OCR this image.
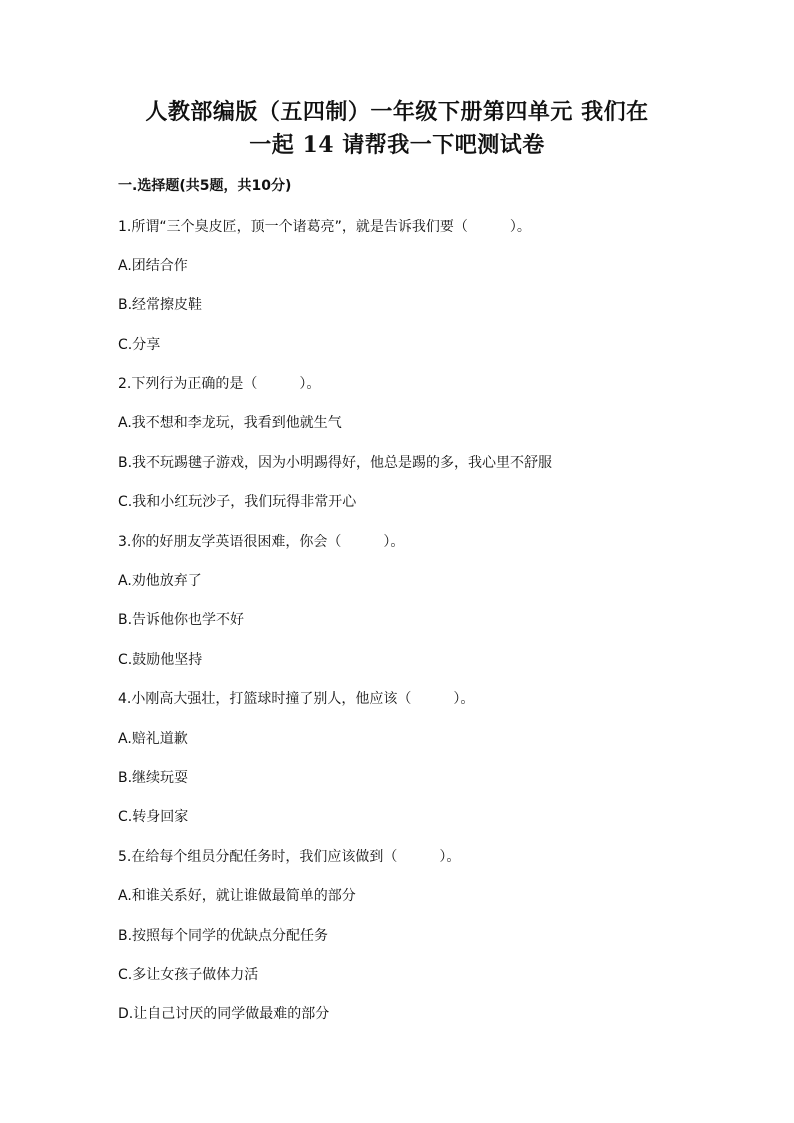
人教部编版（五四制）一年级下册第四单元 我们在
一起 14 请帮我一下吧测试卷
一.选择题(共5题，共10分)
1.所谓“三个臭皮匠，顶一个诸葛亮”，就是告诉我们要（　　　）。
A.团结合作
B.经常擦皮鞋
C.分享
2.下列行为正确的是（　　　）。
A.我不想和李龙玩，我看到他就生气
B.我不玩踢毽子游戏，因为小明踢得好，他总是踢的多，我心里不舒服
C.我和小红玩沙子，我们玩得非常开心
3.你的好朋友学英语很困难，你会（　　　）。
A.劝他放弃了
B.告诉他你也学不好
C.鼓励他坚持
4.小刚高大强壮，打篮球时撞了别人，他应该（　　　）。
A.赔礼道歉
B.继续玩耍
C.转身回家
5.在给每个组员分配任务时，我们应该做到（　　　）。
A.和谁关系好，就让谁做最简单的部分
B.按照每个同学的优缺点分配任务
C.多让女孩子做体力活
D.让自己讨厌的同学做最难的部分
